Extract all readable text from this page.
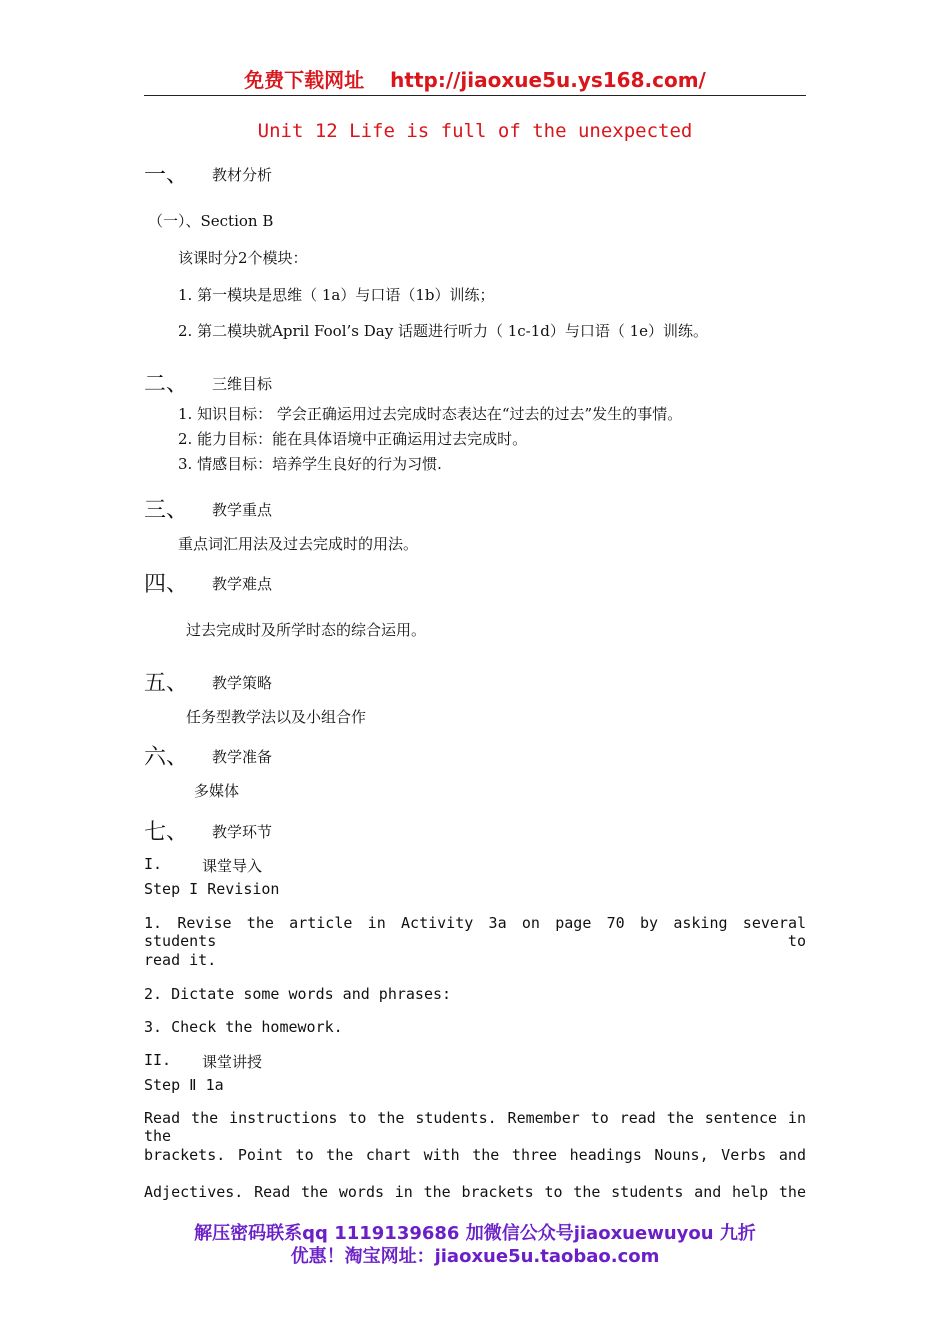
免费下载网址 http://jiaoxue5u.ys168.com/
Unit 12 Life is full of the unexpected
一、 教材分析
（一）、Section B
该课时分2个模块：
1. 第一模块是思维（ 1a）与口语（1b）训练；
2. 第二模块就April Fool’s Day 话题进行听力（ 1c-1d）与口语（ 1e）训练。
二、 三维目标
1. 知识目标： 学会正确运用过去完成时态表达在“过去的过去”发生的事情。
2. 能力目标：能在具体语境中正确运用过去完成时。
3. 情感目标：培养学生良好的行为习惯.
三、 教学重点
重点词汇用法及过去完成时的用法。
四、 教学难点
过去完成时及所学时态的综合运用。
五、 教学策略
任务型教学法以及小组合作
六、 教学准备
多媒体
七、 教学环节
I.	课堂导入
Step I Revision
1. Revise the article in Activity 3a on page 70 by asking several students to
read it.
2. Dictate some words and phrases:
3. Check the homework.
II. 课堂讲授
Step Ⅱ 1a
Read the instructions to the students. Remember to read the sentence in the
brackets. Point to the chart with the three headings Nouns, Verbs and
Adjectives. Read the words in the brackets to the students and help the
解压密码联系qq 1119139686 加微信公众号jiaoxuewuyou 九折
优惠！淘宝网址：jiaoxue5u.taobao.com
